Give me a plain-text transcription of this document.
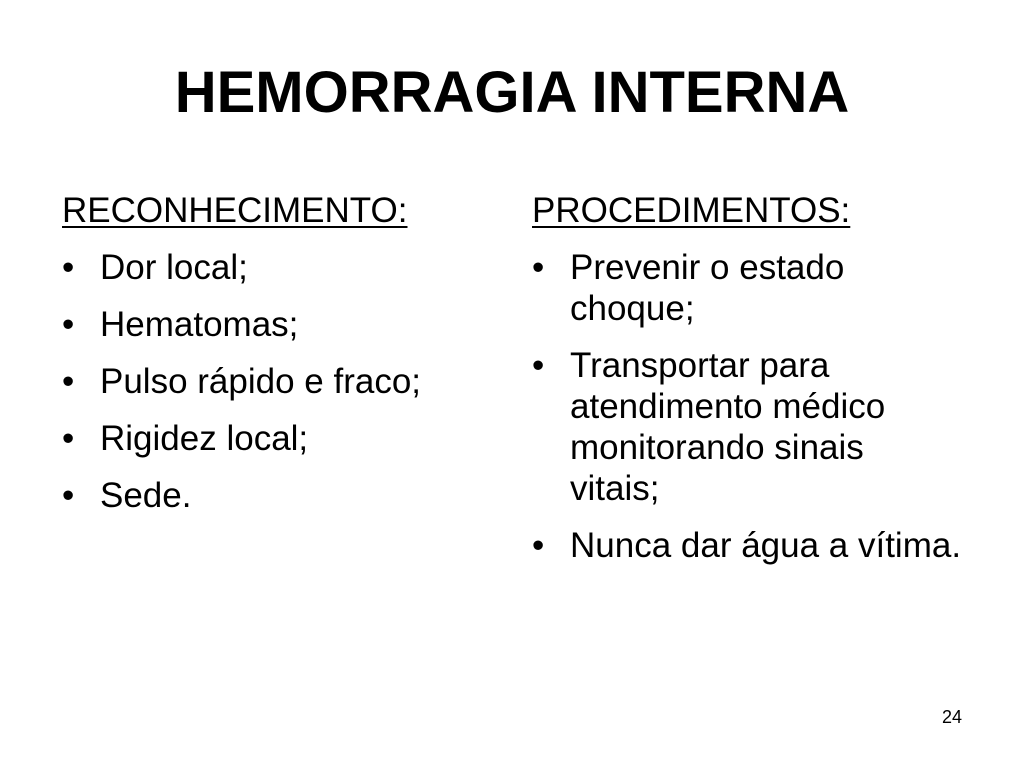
HEMORRAGIA INTERNA
RECONHECIMENTO:
• Dor local;
• Hematomas;
• Pulso rápido e fraco;
• Rigidez local;
• Sede.
PROCEDIMENTOS:
• Prevenir o estado choque;
• Transportar para atendimento médico monitorando sinais vitais;
• Nunca dar água a vítima.
24
